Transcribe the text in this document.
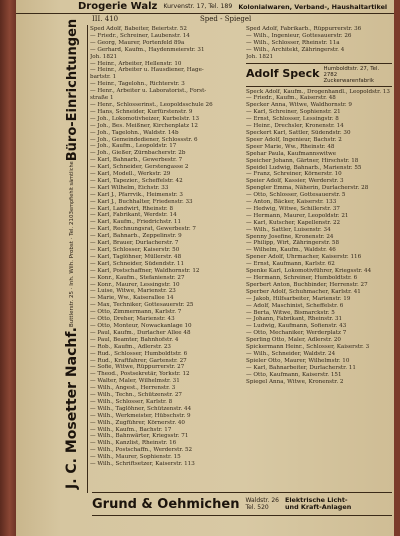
Drogerie Walz Kurvenstr. 17, Tel. 189 Kolonialwaren, Verband-, Haushaltartikel
III. 410	Sped - Spiegel
J. C. Mosetter Nachf.
Buttlerstr. 25 · Inh. Wilh. Probst · Tel. 2103
empfiehlt sämtliche
Büro-Einrichtungen Sped Adolf, Babeiter, Beiertstr. 52
— Friedr., Schreiner, Laubenstr. 14
— Georg, Maurer, Portenfeld 89a
— Gerhard, Kaufm., Haydenmeierstr. 31
Joh. 1821
— Heinr., Arbeiter, Hellenstr. 10
— Heinr., Arbeiter u. Hausdiener, Hage-
bartstr. 1
— Heinr., Tagelohn., Richterstr. 3
— Henr., Arbeiter u. Laboratorist., Forst-
straße 1
— Henr., Schlosserinst., Leopoldsschule 26
— Hans, Schneider, Kurfürstenstr. 9
— Joh., Lokomotivheizer, Kurbelstr. 13
— Joh., Bes. Meißner, Kirchenplatz 12
— Joh., Tagelohn., Waldstr. 14b
— Joh., Gemeindediener, Schlossstr. 6
— Joh., Kaufm., Leopoldstr. 17
— Joh., Gießer, Zürnbacherstr. 2b
— Karl, Bahnarb., Gewerbestr. 7
— Karl, Schneider, Gerstengasse 2
— Karl, Modell., Werkstr. 29
— Karl, Tapezier., Scheffelstr. 42
— Karl Wilhelm, Eichstr. 33
— Karl J., Pfarrvik., Heimenstr. 3
— Karl J., Buchhalter, Friedenstr. 33
— Karl, Landwirt, Rheinstr. 8
— Karl, Fabrikant, Werdstr. 14
— Karl, Kaufm., Friedrichstr. 11
— Karl, Rechnungsrat, Gewerbestr. 7
— Karl, Bahnarb., Zeppelinstr. 9
— Karl, Brauer, Durlacherstr. 7
— Karl, Schlosser, Kaiserstr. 50
— Karl, Taglöhner, Müllerstr. 48
— Karl, Schneider, Südendstr. 11
— Karl, Postschaffner, Waldhornstr. 12
— Konr., Kaufm., Stefanienstr. 27
— Konr., Maurer, Lessingstr. 10
— Luise, Witwe, Marienstr. 23
— Marie, Ww., Kaiserallee 14
— Max, Techniker, Gottesauerstr. 25
— Otto, Zimmermann, Karlstr. 7
— Otto, Dreher, Marienstr. 43
— Otto, Monteur, Nowackanlage 10
— Paul, Kaufm., Durlacher Allee 48
— Paul, Beamter, Bahnhofstr. 4
— Rob., Kaufm., Adlerstr. 23
— Rud., Schlosser, Humboldtstr. 6
— Rud., Kraftfahrer, Gartenstr. 27
— Sofie, Witwe, Rüppurrerstr. 27
— Theod., Postsekretär, Yorkstr. 12
— Walter, Maler, Wilhelmstr. 31
— Wilh., Angest., Herrenstr. 3
— Wilh., Techn., Schützenstr. 27
— Wilh., Schlosser, Karlstr. 8
— Wilh., Taglöhner, Schützenstr. 44
— Wilh., Werkmeister, Hübschstr. 9
— Wilh., Zugführer, Körnerstr. 40
— Wilh., Kaufm., Bachstr. 17
— Wilh., Bahnwärter, Kriegsstr. 71
— Wilh., Kanzlist, Rheinstr. 16
— Wilh., Postschaffn., Werderstr. 52
— Wilh., Maurer, Sophienstr. 15
— Wilh., Schriftsetzer, Kaiserstr. 113
Sped Adolf, Fabrikarb., Rüppurrerstr. 36
— Wilh., Ingenieur, Gottesauerstr. 26
— Wilh., Schlosser, Rheinstr. 11a
— Wilh., Architekt, Zähringerstr. 4
Joh. 1821
Adolf Speck Humboldtstr. 27, Tel. 2782
Zuckerwarenfabrik
Speck Adolf, Kaufm., Drogenhandl., Leopoldstr. 13
— Friedr., Kaufm., Kaiserstr. 48
Specker Anna, Witwe, Waldhornstr. 9
— Karl, Schreiner, Sophienstr. 21
— Ernst, Schlosser, Lessingstr. 8
— Heinr., Drechsler, Kronenstr. 14
Speckert Karl, Sattler, Südendstr. 30
Speer Adolf, Ingenieur, Bachstr. 2
Speer Marie, Ww., Rheinstr. 48
Spehar Paula, Kaufmannswitwe
Speicher Johann, Gärtner, Hirschstr. 18
Speidel Ludwig, Bahnarb., Marienstr. 55
— Franz, Schreiner, Körnerstr. 10
Speier Adolf, Kassier, Werderstr. 3
Spengler Emma, Näherin, Durlacherstr. 28
— Otto, Schlosser, Gottesauerstr. 5
— Anton, Bäcker, Kaiserstr. 133
— Hedwig, Witwe, Schillerstr. 37
— Hermann, Maurer, Leopoldstr. 21
— Karl, Kutscher, Kapellenstr. 22
— Wilh., Sattler, Luisenstr. 34
Spenny Josefine, Kronenstr. 24
— Philipp, Wirt, Zähringerstr. 58
— Wilhelm, Kaufm., Waldstr. 46
Spener Adolf, Uhrmacher, Kaiserstr. 116
— Ernst, Kaufmann, Karlstr. 62
Spenke Karl, Lokomotivführer, Kriegsstr. 44
— Hermann, Schreiner, Humboldtstr. 6
Sperbert Anton, Buchbinder, Herrenstr. 27
Sperber Adolf, Schuhmacher, Karlstr. 41
— Jakob, Hilfsarbeiter, Marienstr. 19
— Adolf, Maschinist, Scheffelstr. 6
— Berta, Witwe, Bismarckstr. 5
— Johann, Fabrikant, Rheinstr. 31
— Ludwig, Kaufmann, Sofienstr. 43
— Otto, Mechaniker, Werderplatz 7
Sperling Otto, Maler, Adlerstr. 20
Spickermann Heinr., Schlosser, Kaiserstr. 3
— Wilh., Schneider, Waldstr. 24
Spieler Otto, Maurer, Wilhelmstr. 10
— Karl, Bahnarbeiter, Durlacherstr. 11
— Otto, Kaufmann, Kaiserstr. 151
Spiegel Anna, Witwe, Kronenstr. 2
Grund & Oehmichen Waldstr. 26
Tel. 520
Elektrische Licht-
und Kraft-Anlagen
